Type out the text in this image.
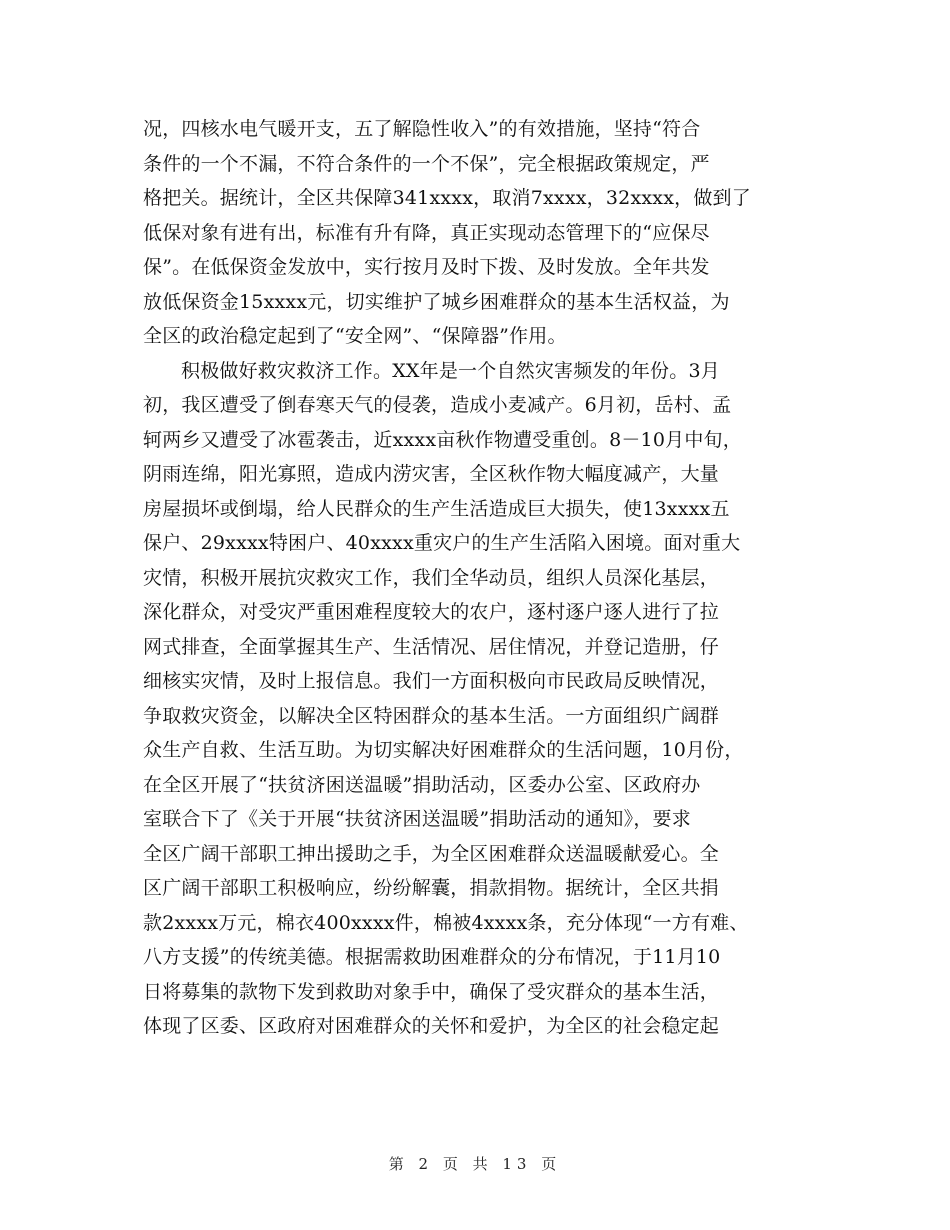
况，四核水电气暖开支，五了解隐性收入”的有效措施，坚持“符合
条件的一个不漏，不符合条件的一个不保”，完全根据政策规定，严
格把关。据统计，全区共保障341xxxx，取消7xxxx，32xxxx，做到了
低保对象有进有出，标准有升有降，真正实现动态管理下的“应保尽
保”。在低保资金发放中，实行按月及时下拨、及时发放。全年共发
放低保资金15xxxx元，切实维护了城乡困难群众的基本生活权益，为
全区的政治稳定起到了“安全网”、“保障器”作用。
积极做好救灾救济工作。XX年是一个自然灾害频发的年份。3月
初，我区遭受了倒春寒天气的侵袭，造成小麦减产。6月初，岳村、孟
轲两乡又遭受了冰雹袭击，近xxxx亩秋作物遭受重创。8－10月中旬，
阴雨连绵，阳光寡照，造成内涝灾害，全区秋作物大幅度减产，大量
房屋损坏或倒塌，给人民群众的生产生活造成巨大损失，使13xxxx五
保户、29xxxx特困户、40xxxx重灾户的生产生活陷入困境。面对重大
灾情，积极开展抗灾救灾工作，我们全华动员，组织人员深化基层，
深化群众，对受灾严重困难程度较大的农户，逐村逐户逐人进行了拉
网式排查，全面掌握其生产、生活情况、居住情况，并登记造册，仔
细核实灾情，及时上报信息。我们一方面积极向市民政局反映情况，
争取救灾资金，以解决全区特困群众的基本生活。一方面组织广阔群
众生产自救、生活互助。为切实解决好困难群众的生活问题，10月份，
在全区开展了“扶贫济困送温暖”捐助活动，区委办公室、区政府办
室联合下了《关于开展“扶贫济困送温暖”捐助活动的通知》，要求
全区广阔干部职工抻出援助之手，为全区困难群众送温暖献爱心。全
区广阔干部职工积极响应，纷纷解囊，捐款捐物。据统计，全区共捐
款2xxxx万元，棉衣400xxxx件，棉被4xxxx条，充分体现“一方有难、
八方支援”的传统美德。根据需救助困难群众的分布情况，于11月10
日将募集的款物下发到救助对象手中，确保了受灾群众的基本生活，
体现了区委、区政府对困难群众的关怀和爱护，为全区的社会稳定起
第 2 页 共 13 页
